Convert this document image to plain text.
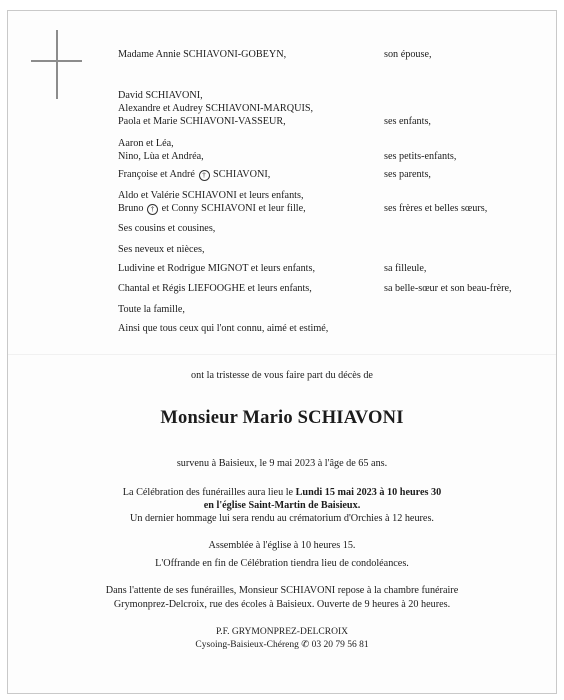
Madame Annie SCHIAVONI-GOBEYN,	son épouse,
David SCHIAVONI,
Alexandre et Audrey SCHIAVONI-MARQUIS,
Paola et Marie SCHIAVONI-VASSEUR,	ses enfants,
Aaron et Léa,
Nino, Lùa et Andréa,	ses petits-enfants,
Françoise et André † SCHIAVONI,	ses parents,
Aldo et Valérie SCHIAVONI et leurs enfants,
Bruno † et Conny SCHIAVONI et leur fille,	ses frères et belles sœurs,
Ses cousins et cousines,
Ses neveux et nièces,
Ludivine et Rodrigue MIGNOT et leurs enfants,	sa filleule,
Chantal et Régis LIEFOOGHE et leurs enfants,	sa belle-sœur et son beau-frère,
Toute la famille,
Ainsi que tous ceux qui l'ont connu, aimé et estimé,
ont la tristesse de vous faire part du décès de
Monsieur Mario SCHIAVONI
survenu à Baisieux, le 9 mai 2023 à l'âge de 65 ans.
La Célébration des funérailles aura lieu le Lundi 15 mai 2023 à 10 heures 30
en l'église Saint-Martin de Baisieux.
Un dernier hommage lui sera rendu au crématorium d'Orchies à 12 heures.
Assemblée à l'église à 10 heures 15.
L'Offrande en fin de Célébration tiendra lieu de condoléances.
Dans l'attente de ses funérailles, Monsieur SCHIAVONI repose à la chambre funéraire
Grymonprez-Delcroix, rue des écoles à Baisieux. Ouverte de 9 heures à 20 heures.
P.F. GRYMONPREZ-DELCROIX
Cysoing-Baisieux-Chéreng ✆ 03 20 79 56 81
